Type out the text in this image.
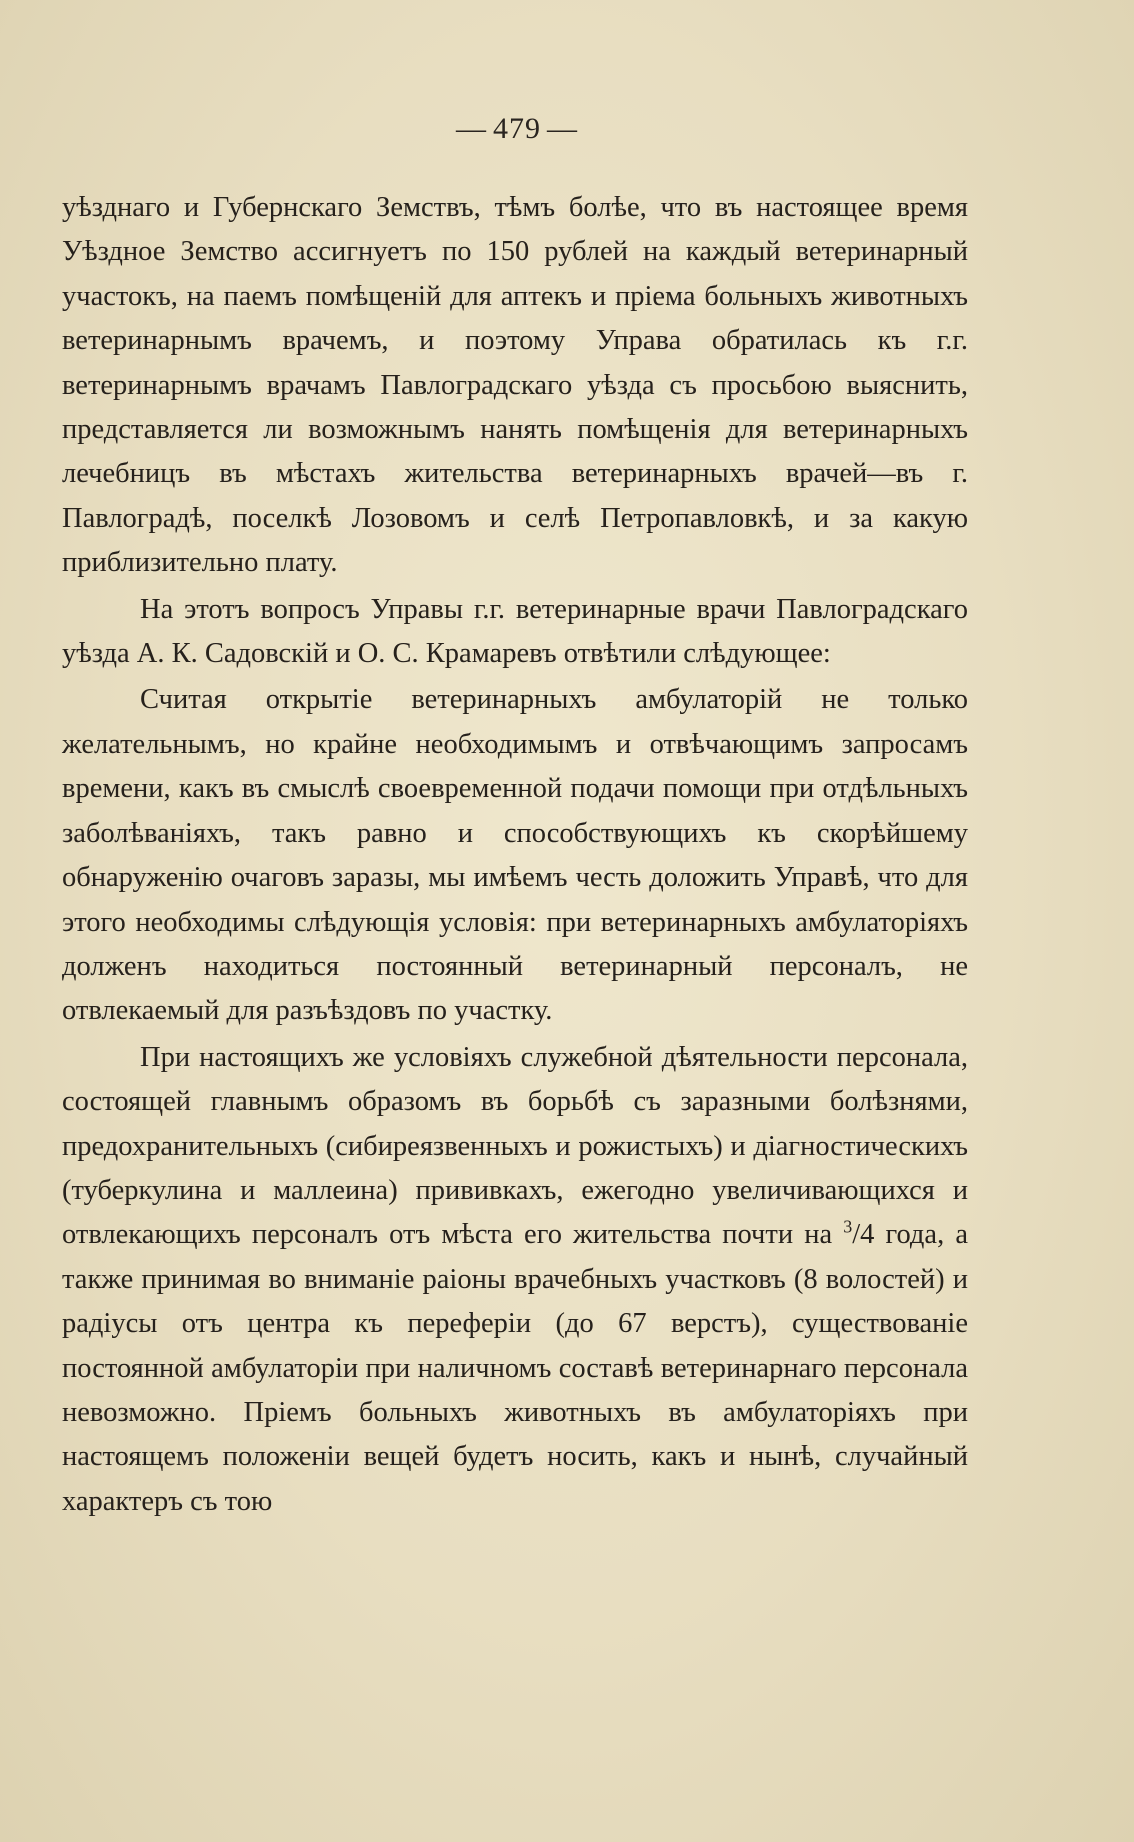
— 479 —

уѣзднаго и Губернскаго Земствъ, тѣмъ болѣе, что въ настоящее время Уѣздное Земство ассигнуетъ по 150 рублей на каждый ветеринарный участокъ, на паемъ помѣщеній для аптекъ и пріема больныхъ животныхъ ветеринарнымъ врачемъ, и поэтому Управа обратилась къ г.г. ветеринарнымъ врачамъ Павлоградскаго уѣзда съ просьбою выяснить, представляется ли возможнымъ нанять помѣщенія для ветеринарныхъ лечебницъ въ мѣстахъ жительства ветеринарныхъ врачей—въ г. Павлоградѣ, поселкѣ Лозовомъ и селѣ Петропавловкѣ, и за какую приблизительно плату.

На этотъ вопросъ Управы г.г. ветеринарные врачи Павлоградскаго уѣзда А. К. Садовскій и О. С. Крамаревъ отвѣтили слѣдующее:

Считая открытіе ветеринарныхъ амбулаторій не только желательнымъ, но крайне необходимымъ и отвѣчающимъ запросамъ времени, какъ въ смыслѣ своевременной подачи помощи при отдѣльныхъ заболѣваніяхъ, такъ равно и способствующихъ къ скорѣйшему обнаруженію очаговъ заразы, мы имѣемъ честь доложить Управѣ, что для этого необходимы слѣдующія условія: при ветеринарныхъ амбулаторіяхъ долженъ находиться постоянный ветеринарный персоналъ, не отвлекаемый для разъѣздовъ по участку.

При настоящихъ же условіяхъ служебной дѣятельности персонала, состоящей главнымъ образомъ въ борьбѣ съ заразными болѣзнями, предохранительныхъ (сибиреязвенныхъ и рожистыхъ) и діагностическихъ (туберкулина и маллеина) прививкахъ, ежегодно увеличивающихся и отвлекающихъ персоналъ отъ мѣста его жительства почти на $^3$/4 года, а также принимая во вниманіе раіоны врачебныхъ участковъ (8 волостей) и радіусы отъ центра къ переферіи (до 67 верстъ), существованіе постоянной амбулаторіи при наличномъ составѣ ветеринарнаго персонала невозможно. Пріемъ больныхъ животныхъ въ амбулаторіяхъ при настоящемъ положеніи вещей будетъ носить, какъ и нынѣ, случайный характеръ съ тою
